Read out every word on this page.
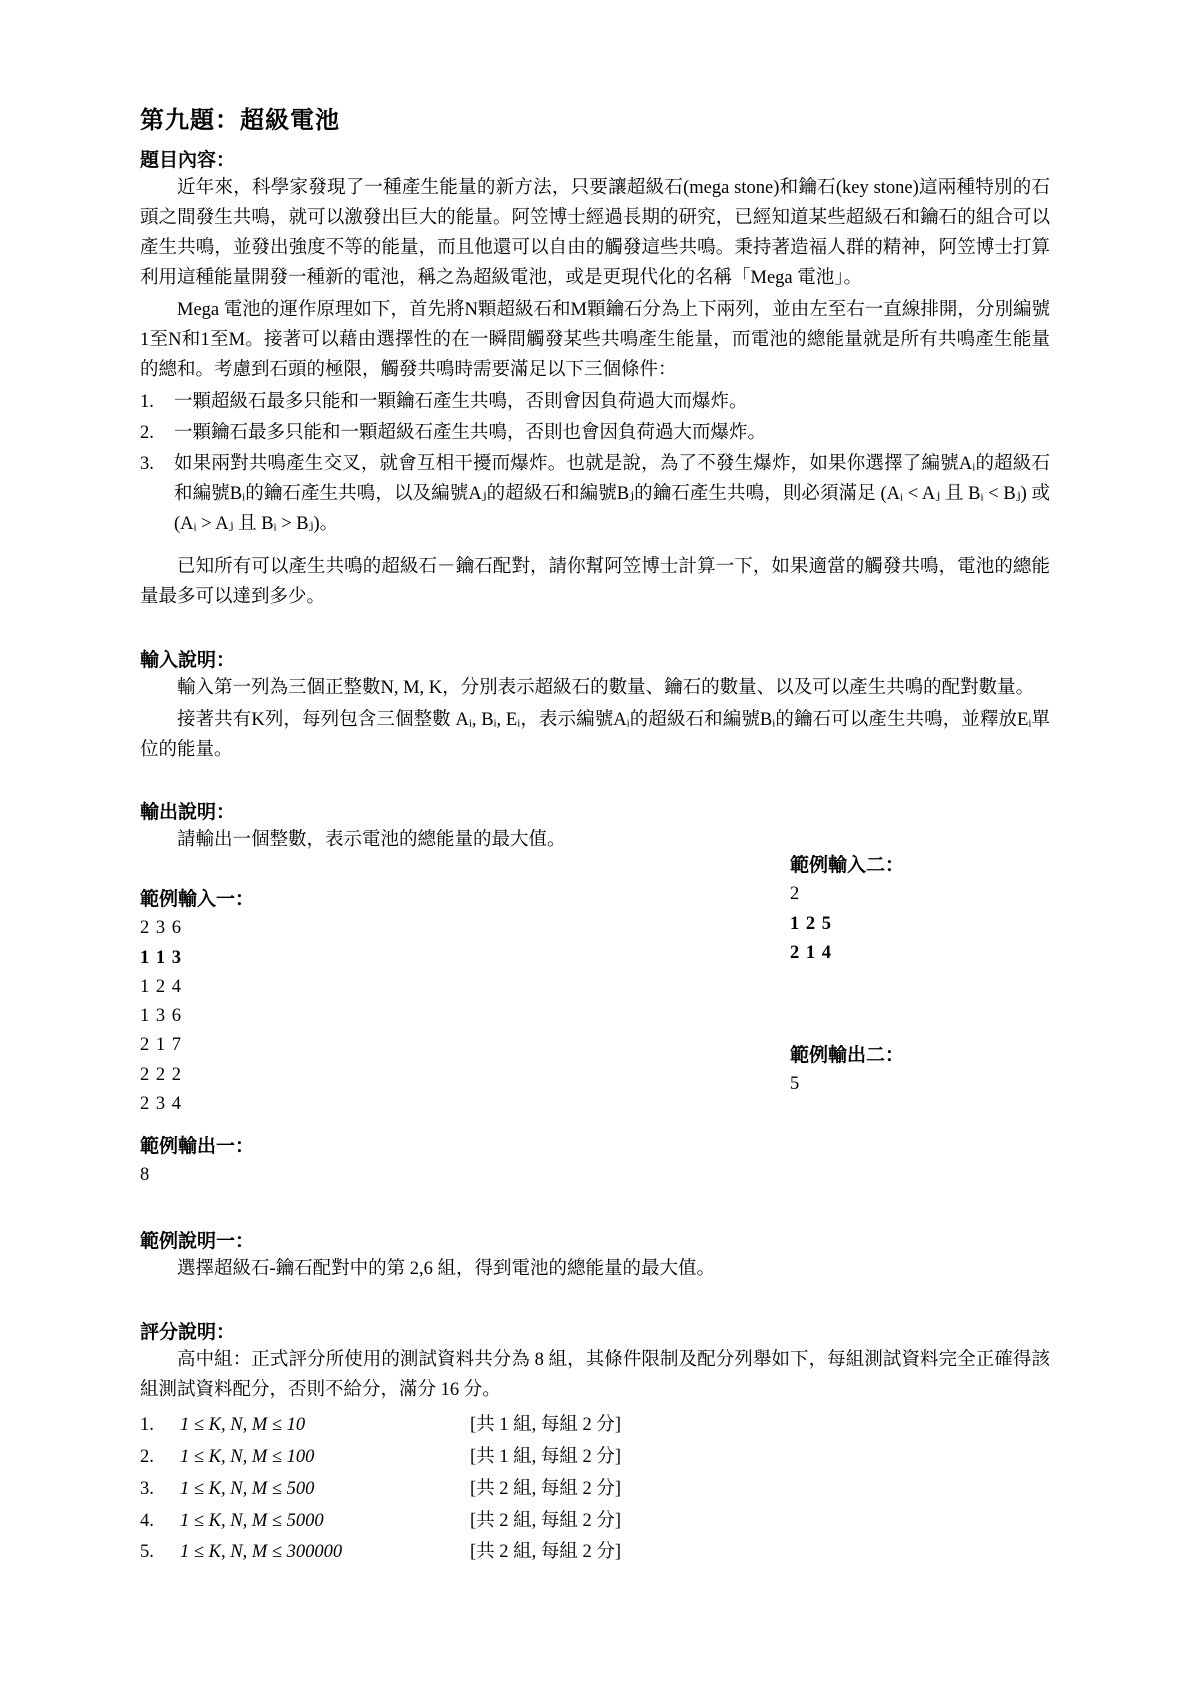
第九題：超級電池
題目內容：

近年來，科學家發現了一種產生能量的新方法，只要讓超級石(mega stone)和鑰石(key stone)這兩種特別的石頭之間發生共鳴，就可以激發出巨大的能量。阿笠博士經過長期的研究，已經知道某些超級石和鑰石的組合可以產生共鳴，並發出強度不等的能量，而且他還可以自由的觸發這些共鳴。秉持著造福人群的精神，阿笠博士打算利用這種能量開發一種新的電池，稱之為超級電池，或是更現代化的名稱「Mega 電池」。

Mega 電池的運作原理如下，首先將N顆超級石和M顆鑰石分為上下兩列，並由左至右一直線排開，分別編號1至N和1至M。接著可以藉由選擇性的在一瞬間觸發某些共鳴產生能量，而電池的總能量就是所有共鳴產生能量的總和。考慮到石頭的極限，觸發共鳴時需要滿足以下三個條件：

1.	一顆超級石最多只能和一顆鑰石產生共鳴，否則會因負荷過大而爆炸。
2.	一顆鑰石最多只能和一顆超級石產生共鳴，否則也會因負荷過大而爆炸。
3.	如果兩對共鳴產生交叉，就會互相干擾而爆炸。也就是說，為了不發生爆炸，如果你選擇了編號Aᵢ的超級石和編號Bᵢ的鑰石產生共鳴，以及編號Aⱼ的超級石和編號Bⱼ的鑰石產生共鳴，則必須滿足 (Aᵢ < Aⱼ 且 Bᵢ < Bⱼ) 或 (Aᵢ > Aⱼ 且 Bᵢ > Bⱼ)。

已知所有可以產生共鳴的超級石－鑰石配對，請你幫阿笠博士計算一下，如果適當的觸發共鳴，電池的總能量最多可以達到多少。

輸入說明：

輸入第一列為三個正整數N, M, K，分別表示超級石的數量、鑰石的數量、以及可以產生共鳴的配對數量。

接著共有K列，每列包含三個整數 Aᵢ, Bᵢ, Eᵢ，表示編號Aᵢ的超級石和編號Bᵢ的鑰石可以產生共鳴，並釋放Eᵢ單位的能量。

輸出說明：

請輸出一個整數，表示電池的總能量的最大值。

範例輸入一：
2 3 6
1 1 3
1 2 4
1 3 6
2 1 7
2 2 2
2 3 4
範例輸入二：
2
1 2 5
2 1 4
範例輸出二：
5
範例輸出一：
8
範例說明一：

選擇超級石-鑰石配對中的第 2,6 組，得到電池的總能量的最大值。

評分說明：

高中組：正式評分所使用的測試資料共分為 8 組，其條件限制及配分列舉如下，每組測試資料完全正確得該組測試資料配分，否則不給分，滿分 16 分。

1.	1 ≤ K, N, M ≤ 10	[共 1 組, 每組 2 分]
2.	1 ≤ K, N, M ≤ 100	[共 1 組, 每組 2 分]
3.	1 ≤ K, N, M ≤ 500	[共 2 組, 每組 2 分]
4.	1 ≤ K, N, M ≤ 5000	[共 2 組, 每組 2 分]
5.	1 ≤ K, N, M ≤ 300000	[共 2 組, 每組 2 分]
